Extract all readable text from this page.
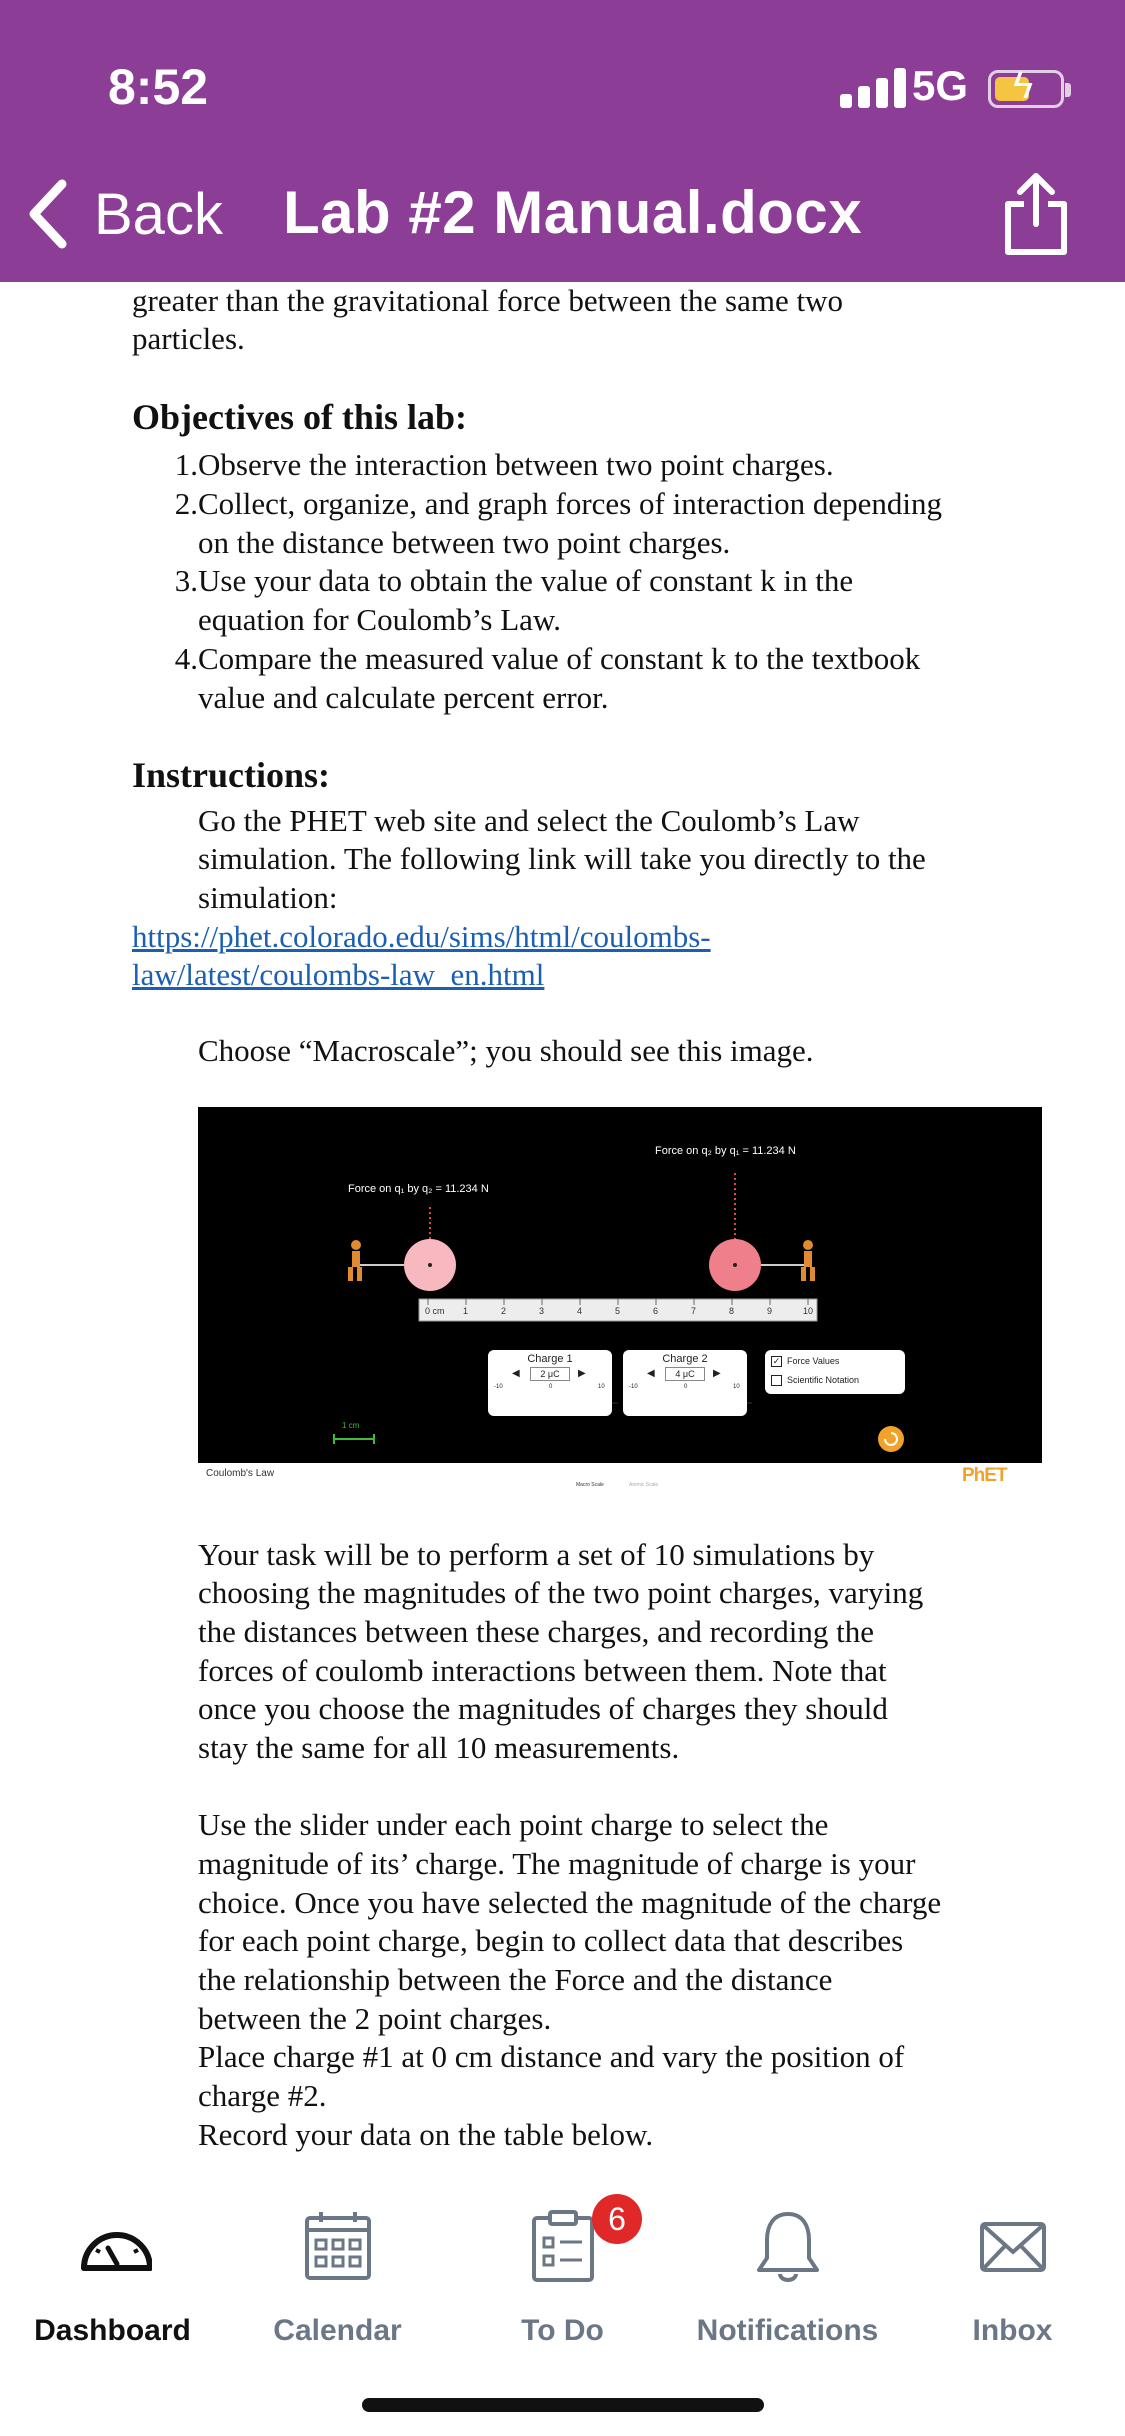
8:52	5G ϟ
Back Lab #2 Manual.docx
greater than the gravitational force between the same two
particles.
Objectives of this lab:
1. Observe the interaction between two point charges.
2. Collect, organize, and graph forces of interaction depending
on the distance between two point charges.
3. Use your data to obtain the value of constant k in the
equation for Coulomb’s Law.
4. Compare the measured value of constant k to the textbook
value and calculate percent error.
Instructions:
Go the PHET web site and select the Coulomb’s Law
simulation. The following link will take you directly to the
simulation:
https://phet.colorado.edu/sims/html/coulombs-
law/latest/coulombs-law_en.html
Choose “Macroscale”; you should see this image.
Force on q₂ by q₁ = 11.234 N
Force on q₁ by q₂ = 11.234 N
0 cm 1	2	3	4	5	6	7	8	9	10
Charge 1
◀	2 μC	▶
-10	0	10
Charge 2
◀	4 μC	▶
-10	0	10
✓ Force Values
Scientific Notation
1 cm
Coulomb's Law
Macro Scale	Atomic Scale	PhET
Your task will be to perform a set of 10 simulations by
choosing the magnitudes of the two point charges, varying
the distances between these charges, and recording the
forces of coulomb interactions between them. Note that
once you choose the magnitudes of charges they should
stay the same for all 10 measurements.
Use the slider under each point charge to select the
magnitude of its’ charge. The magnitude of charge is your
choice. Once you have selected the magnitude of the charge
for each point charge, begin to collect data that describes
the relationship between the Force and the distance
between the 2 point charges.
Place charge #1 at 0 cm distance and vary the position of
charge #2.
Record your data on the table below.
Dashboard	Calendar	To Do	Notifications	Inbox
6
